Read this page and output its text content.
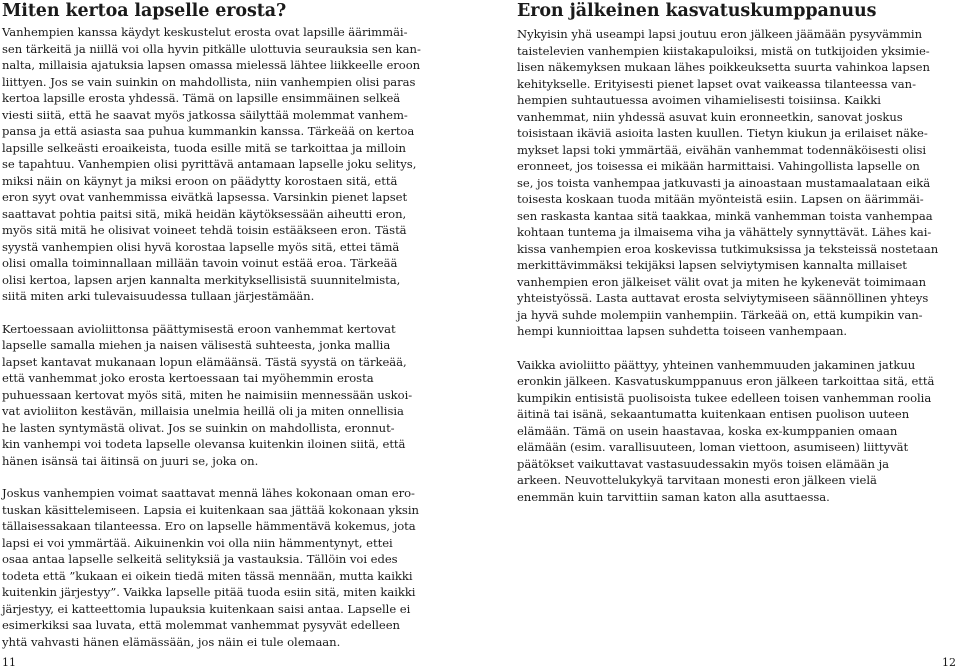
Miten kertoa lapselle erosta?

Vanhempien kanssa käydyt keskustelut erosta ovat lapsille äärimmäi-
sen tärkeitä ja niillä voi olla hyvin pitkälle ulottuvia seurauksia sen kan-
nalta, millaisia ajatuksia lapsen omassa mielessä lähtee liikkeelle eroon
liittyen. Jos se vain suinkin on mahdollista, niin vanhempien olisi paras
kertoa lapsille erosta yhdessä. Tämä on lapsille ensimmäinen selkeä
viesti siitä, että he saavat myös jatkossa säilyttää molemmat vanhem-
pansa ja että asiasta saa puhua kummankin kanssa. Tärkeää on kertoa
lapsille selkeästi eroaikeista, tuoda esille mitä se tarkoittaa ja milloin
se tapahtuu. Vanhempien olisi pyrittävä antamaan lapselle joku selitys,
miksi näin on käynyt ja miksi eroon on päädytty korostaen sitä, että
eron syyt ovat vanhemmissa eivätkä lapsessa. Varsinkin pienet lapset
saattavat pohtia paitsi sitä, mikä heidän käytöksessään aiheutti eron,
myös sitä mitä he olisivat voineet tehdä toisin estääkseen eron. Tästä
syystä vanhempien olisi hyvä korostaa lapselle myös sitä, ettei tämä
olisi omalla toiminnallaan millään tavoin voinut estää eroa. Tärkeää
olisi kertoa, lapsen arjen kannalta merkityksellisistä suunnitelmista,
siitä miten arki tulevaisuudessa tullaan järjestämään.

Kertoessaan avioliittonsa päättymisestä eroon vanhemmat kertovat
lapselle samalla miehen ja naisen välisestä suhteesta, jonka mallia
lapset kantavat mukanaan lopun elämäänsä. Tästä syystä on tärkeää,
että vanhemmat joko erosta kertoessaan tai myöhemmin erosta
puhuessaan kertovat myös sitä, miten he naimisiin mennessään uskoi-
vat avioliiton kestävän, millaisia unelmia heillä oli ja miten onnellisia
he lasten syntymästä olivat. Jos se suinkin on mahdollista, eronnut-
kin vanhempi voi todeta lapselle olevansa kuitenkin iloinen siitä, että
hänen isänsä tai äitinsä on juuri se, joka on.

Joskus vanhempien voimat saattavat mennä lähes kokonaan oman ero-
tuskan käsittelemiseen. Lapsia ei kuitenkaan saa jättää kokonaan yksin
tällaisessakaan tilanteessa. Ero on lapselle hämmentävä kokemus, jota
lapsi ei voi ymmärtää. Aikuinenkin voi olla niin hämmentynyt, ettei
osaa antaa lapselle selkeitä selityksiä ja vastauksia. Tällöin voi edes
todeta että ”kukaan ei oikein tiedä miten tässä mennään, mutta kaikki
kuitenkin järjestyy”. Vaikka lapselle pitää tuoda esiin sitä, miten kaikki
järjestyy, ei katteettomia lupauksia kuitenkaan saisi antaa. Lapselle ei
esimerkiksi saa luvata, että molemmat vanhemmat pysyvät edelleen
yhtä vahvasti hänen elämässään, jos näin ei tule olemaan.

Eron jälkeinen kasvatuskumppanuus

Nykyisin yhä useampi lapsi joutuu eron jälkeen jäämään pysyvämmin
taistelevien vanhempien kiistakapuloiksi, mistä on tutkijoiden yksimie-
lisen näkemyksen mukaan lähes poikkeuksetta suurta vahinkoa lapsen
kehitykselle. Erityisesti pienet lapset ovat vaikeassa tilanteessa van-
hempien suhtautuessa avoimen vihamielisesti toisiinsa. Kaikki
vanhemmat, niin yhdessä asuvat kuin eronneetkin, sanovat joskus
toisistaan ikäviä asioita lasten kuullen. Tietyn kiukun ja erilaiset näke-
mykset lapsi toki ymmärtää, eivähän vanhemmat todennäköisesti olisi
eronneet, jos toisessa ei mikään harmittaisi. Vahingollista lapselle on
se, jos toista vanhempaa jatkuvasti ja ainoastaan mustamaalataan eikä
toisesta koskaan tuoda mitään myönteistä esiin. Lapsen on äärimmäi-
sen raskasta kantaa sitä taakkaa, minkä vanhemman toista vanhempaa
kohtaan tuntema ja ilmaisema viha ja vähättely synnyttävät. Lähes kai-
kissa vanhempien eroa koskevissa tutkimuksissa ja teksteissä nostetaan
merkittävimmäksi tekijäksi lapsen selviytymisen kannalta millaiset
vanhempien eron jälkeiset välit ovat ja miten he kykenevät toimimaan
yhteistyössä. Lasta auttavat erosta selviytymiseen säännöllinen yhteys
ja hyvä suhde molempiin vanhempiin. Tärkeää on, että kumpikin van-
hempi kunnioittaa lapsen suhdetta toiseen vanhempaan.

Vaikka avioliitto päättyy, yhteinen vanhemmuuden jakaminen jatkuu
eronkin jälkeen. Kasvatuskumppanuus eron jälkeen tarkoittaa sitä, että
kumpikin entisistä puolisoista tukee edelleen toisen vanhemman roolia
äitinä tai isänä, sekaantumatta kuitenkaan entisen puolison uuteen
elämään. Tämä on usein haastavaa, koska ex-kumppanien omaan
elämään (esim. varallisuuteen, loman viettoon, asumiseen) liittyvät
päätökset vaikuttavat vastasuudessakin myös toisen elämään ja
arkeen. Neuvottelukykyä tarvitaan monesti eron jälkeen vielä
enemmän kuin tarvittiin saman katon alla asuttaessa.

11	12
